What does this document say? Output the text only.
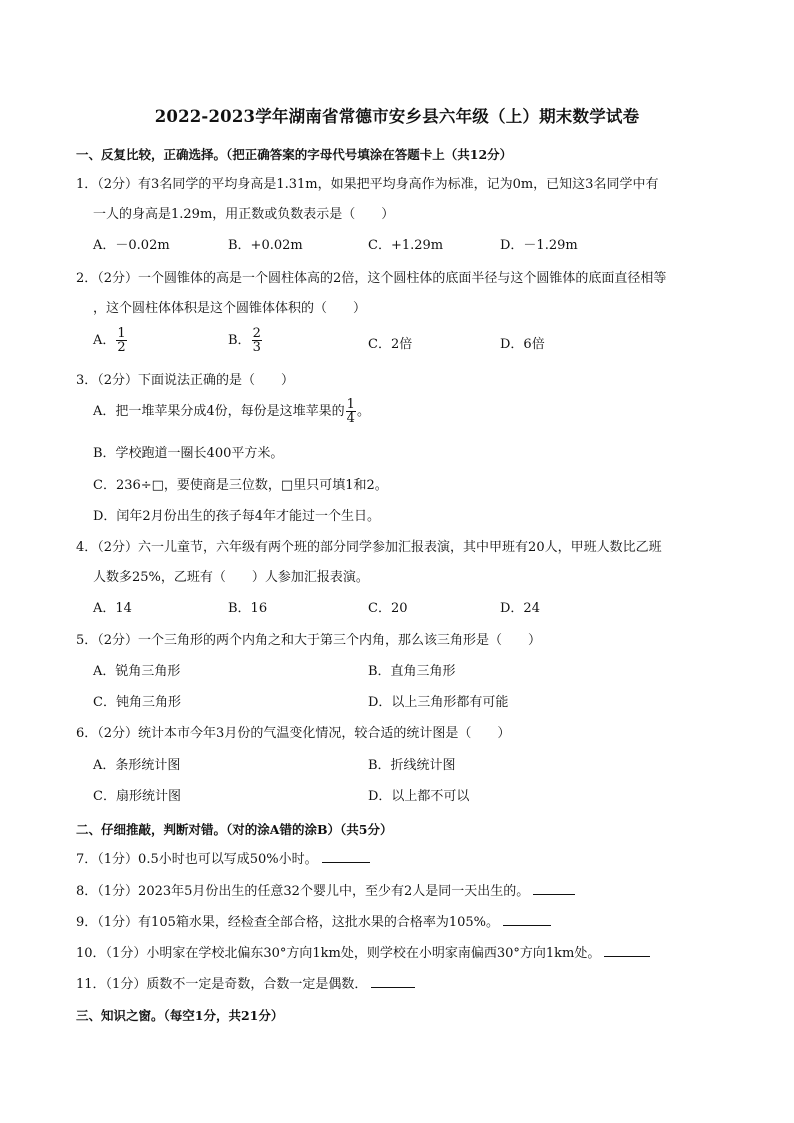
2022-2023学年湖南省常德市安乡县六年级（上）期末数学试卷
一、反复比较，正确选择。（把正确答案的字母代号填涂在答题卡上（共12分）
1．（2分）有3名同学的平均身高是1.31m，如果把平均身高作为标准，记为0m，已知这3名同学中有
一人的身高是1.29m，用正数或负数表示是（　　）
A．－0.02m	B．+0.02m	C．+1.29m	D．－1.29m
2．（2分）一个圆锥体的高是一个圆柱体高的2倍，这个圆柱体的底面半径与这个圆锥体的底面直径相等
，这个圆柱体体积是这个圆锥体体积的（　　）
A． $\frac{1}{2}$	B． $\frac{2}{3}$	C．2倍	D．6倍
3．（2分）下面说法正确的是（　　）
A．把一堆苹果分成4份，每份是这堆苹果的 $\frac{1}{4}$ 。
B．学校跑道一圈长400平方米。
C．236÷□，要使商是三位数，□里只可填1和2。
D．闰年2月份出生的孩子每4年才能过一个生日。
4．（2分）六一儿童节，六年级有两个班的部分同学参加汇报表演，其中甲班有20人，甲班人数比乙班
人数多25%，乙班有（　　）人参加汇报表演。
A．14	B．16	C．20	D．24
5．（2分）一个三角形的两个内角之和大于第三个内角，那么该三角形是（　　）
A．锐角三角形	B．直角三角形
C．钝角三角形	D．以上三角形都有可能
6．（2分）统计本市今年3月份的气温变化情况，较合适的统计图是（　　）
A．条形统计图	B．折线统计图
C．扇形统计图	D．以上都不可以
二、仔细推敲，判断对错。（对的涂A错的涂B）（共5分）
7．（1分）0.5小时也可以写成50%小时。
8．（1分）2023年5月份出生的任意32个婴儿中，至少有2人是同一天出生的。
9．（1分）有105箱水果，经检查全部合格，这批水果的合格率为105%。
10．（1分）小明家在学校北偏东30°方向1km处，则学校在小明家南偏西30°方向1km处。
11．（1分）质数不一定是奇数，合数一定是偶数．
三、知识之窗。（每空1分，共21分）
